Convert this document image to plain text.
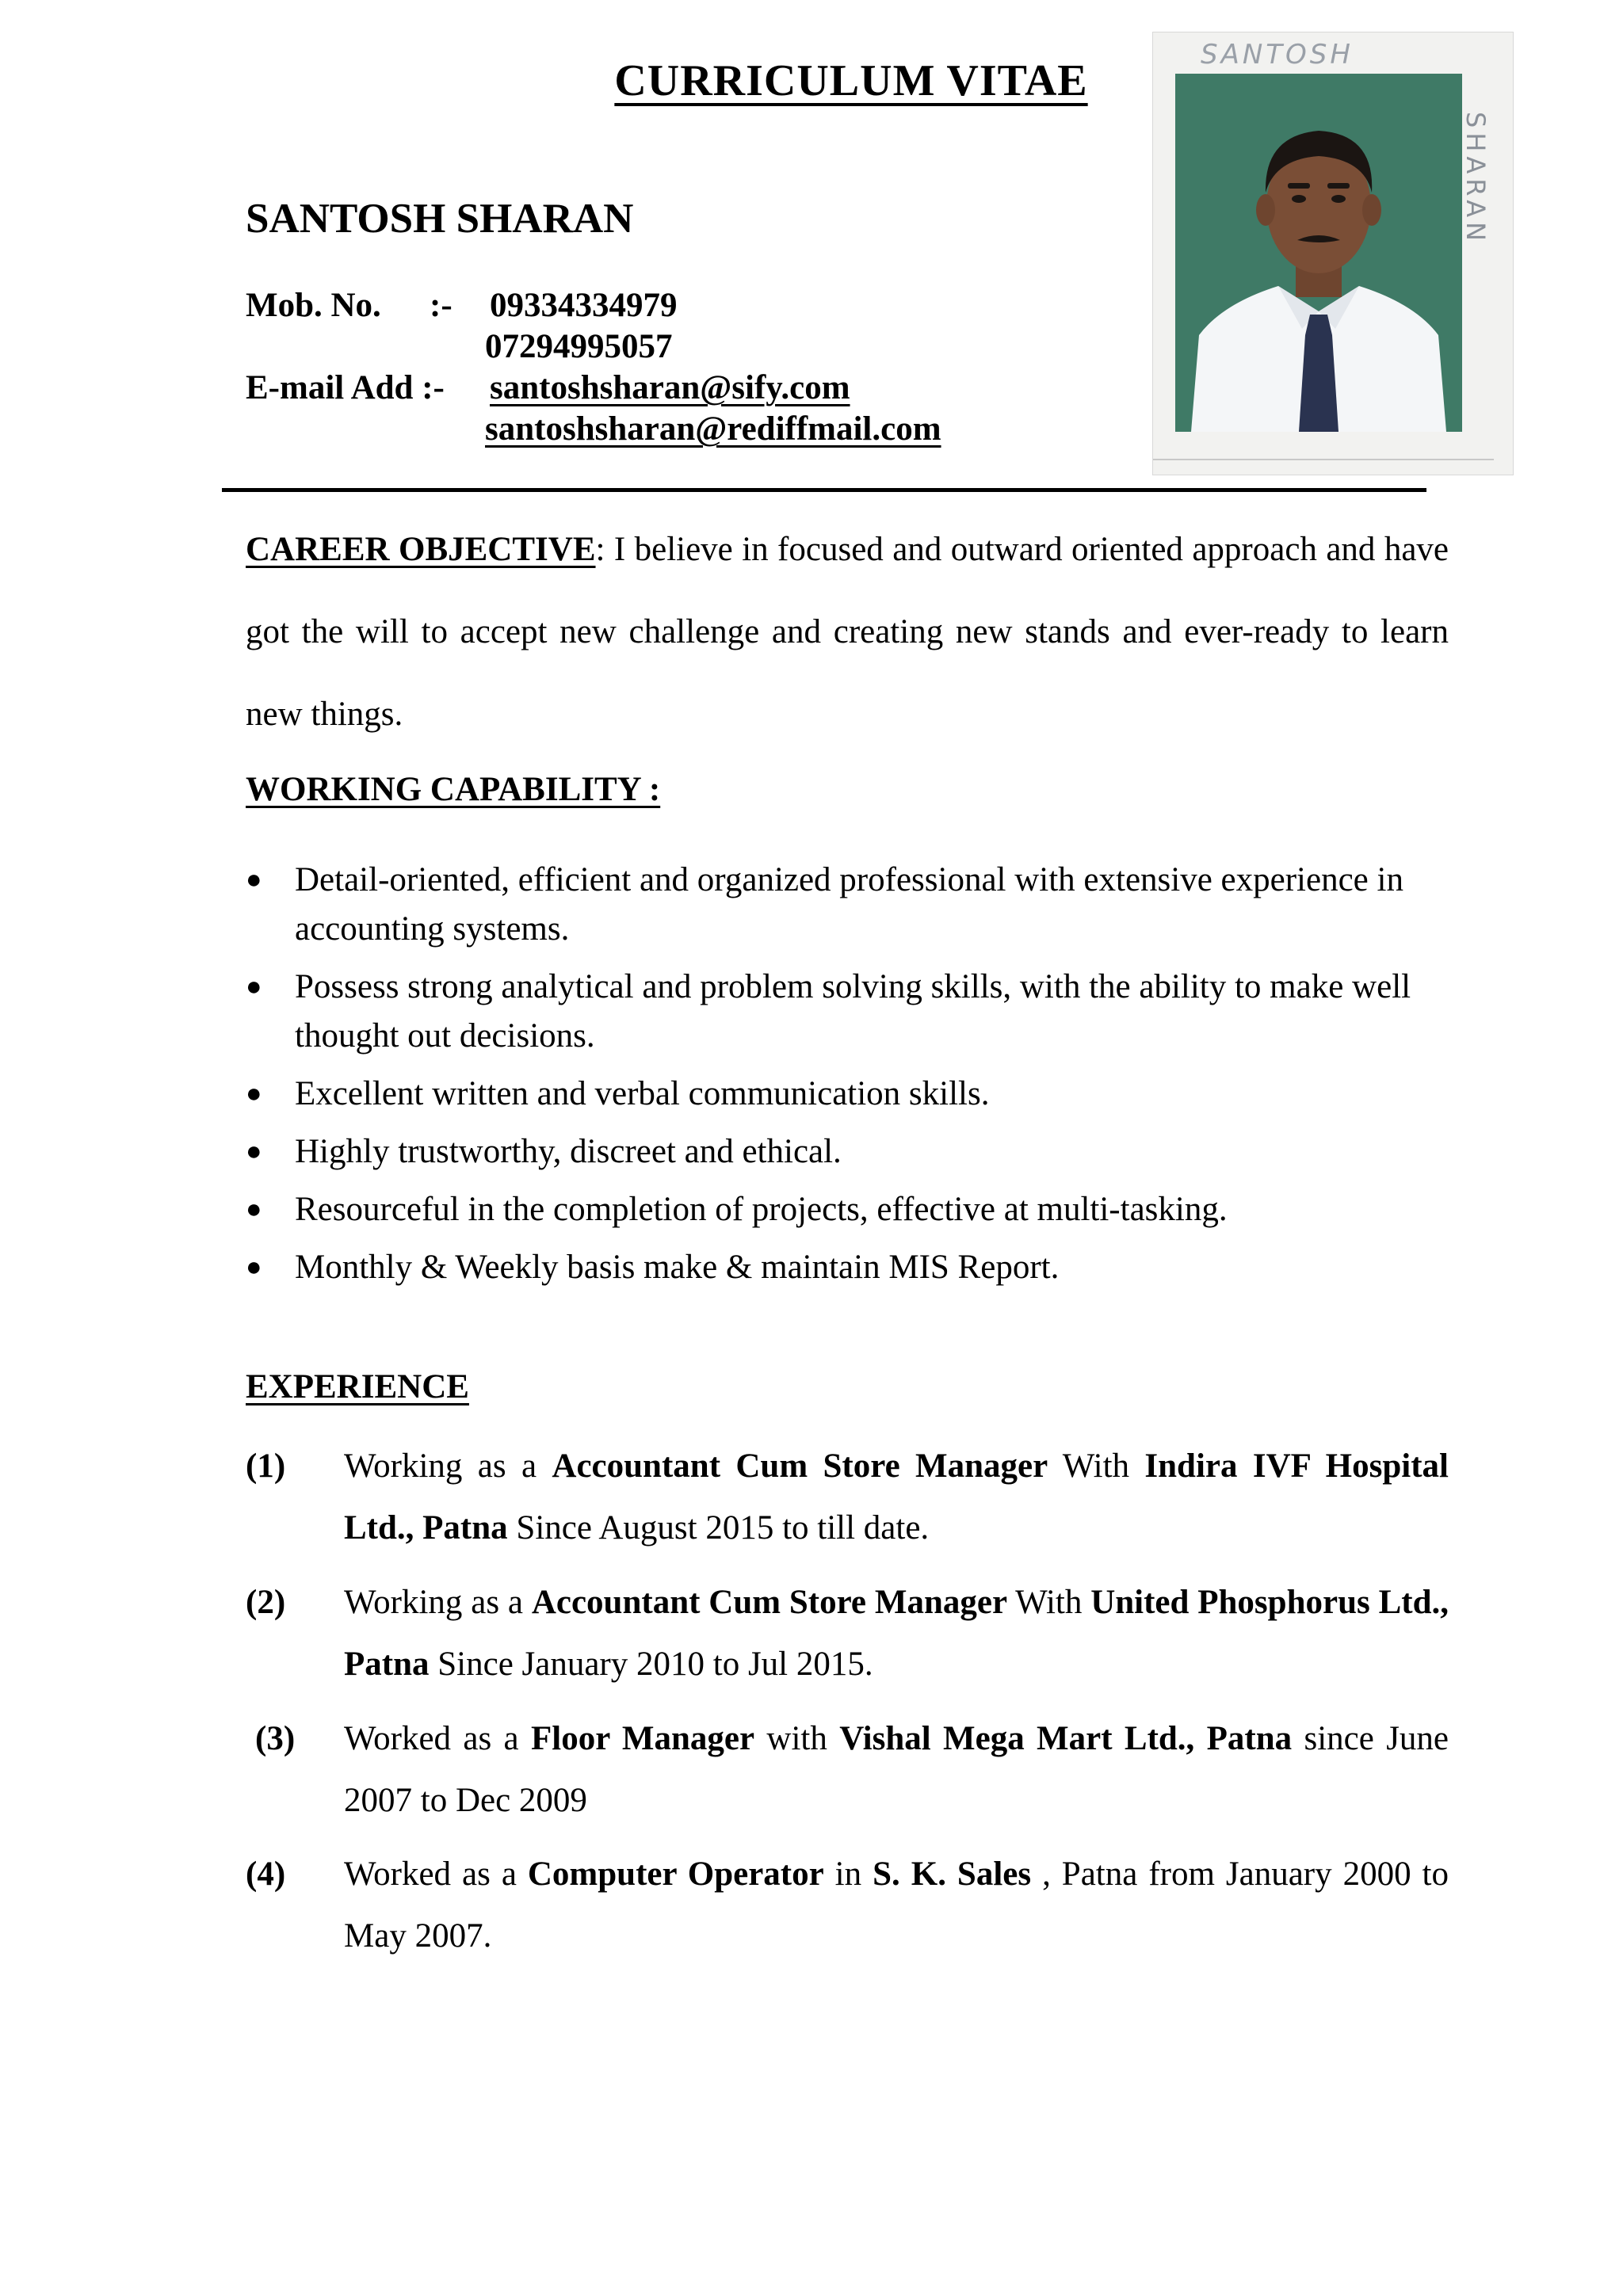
CURRICULUM VITAE
SANTOSH SHARAN
Mob. No. :- 09334334979
07294995057
E-mail Add :- santoshsharan@sify.com
santoshsharan@rediffmail.com
SANTOSH
SHARAN
CAREER OBJECTIVE: I believe in focused and outward oriented approach and have got the will to accept new challenge and creating new stands and ever-ready to learn new things.
WORKING CAPABILITY :
● Detail-oriented, efficient and organized professional with extensive experience in accounting systems.
● Possess strong analytical and problem solving skills, with the ability to make well thought out decisions.
● Excellent written and verbal communication skills.
● Highly trustworthy, discreet and ethical.
● Resourceful in the completion of projects, effective at multi-tasking.
● Monthly & Weekly basis make & maintain MIS Report.
EXPERIENCE
(1) Working as a Accountant Cum Store Manager With Indira IVF Hospital Ltd., Patna Since August 2015 to till date.
(2) Working as a Accountant Cum Store Manager With United Phosphorus Ltd., Patna Since January 2010 to Jul 2015.
(3) Worked as a Floor Manager with Vishal Mega Mart Ltd., Patna since June 2007 to Dec 2009
(4) Worked as a Computer Operator in S. K. Sales , Patna from January 2000 to May 2007.
